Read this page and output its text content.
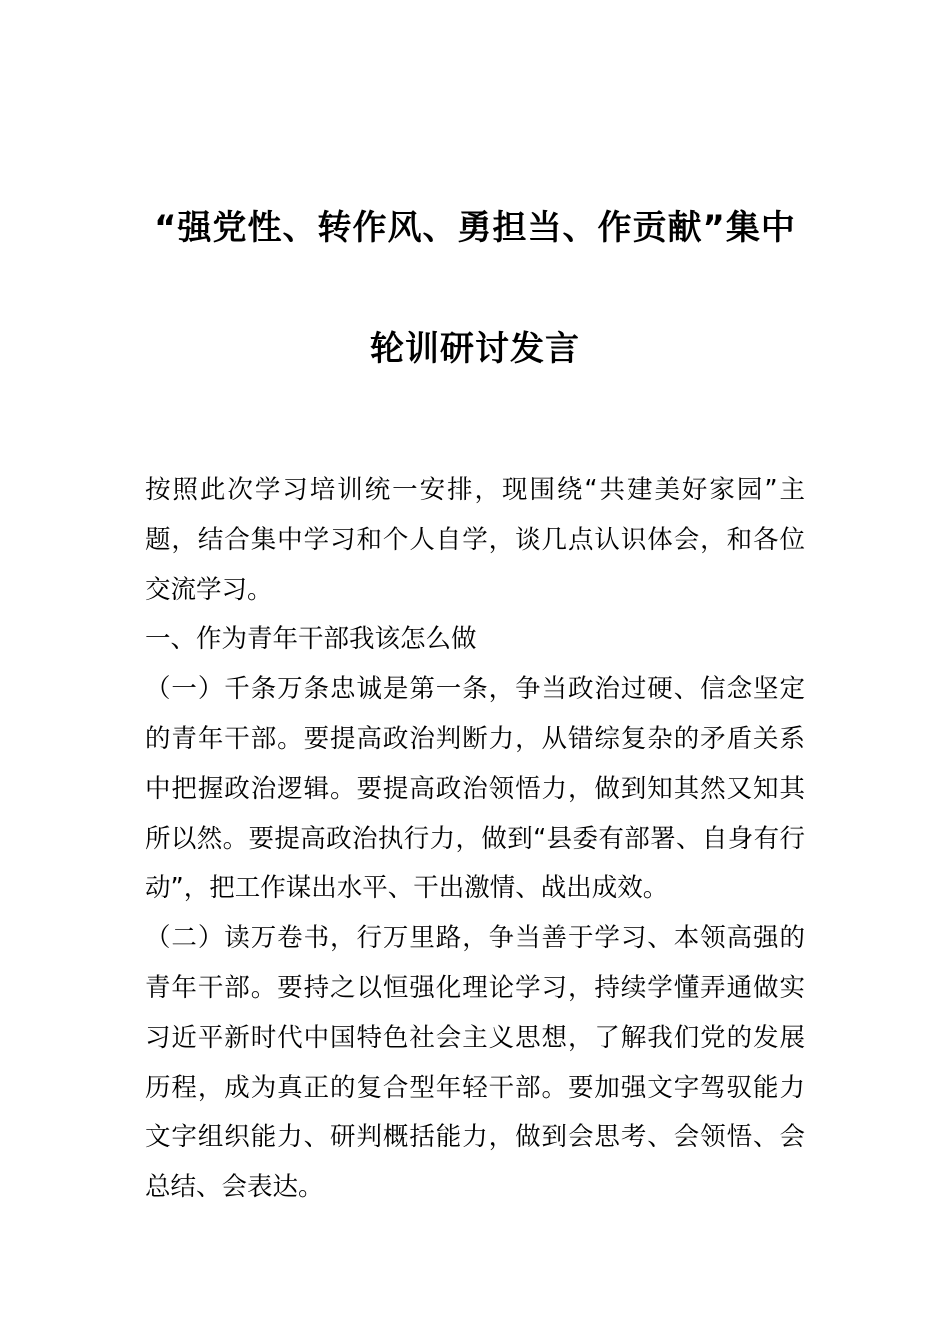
“强党性、转作风、勇担当、作贡献”集中
轮训研讨发言

按照此次学习培训统一安排，现围绕“共建美好家园”主题，结合集中学习和个人自学，谈几点认识体会，和各位交流学习。

一、作为青年干部我该怎么做

（一）千条万条忠诚是第一条，争当政治过硬、信念坚定的青年干部。要提高政治判断力，从错综复杂的矛盾关系中把握政治逻辑。要提高政治领悟力，做到知其然又知其所以然。要提高政治执行力，做到“县委有部署、自身有行动”，把工作谋出水平、干出激情、战出成效。

（二）读万卷书，行万里路，争当善于学习、本领高强的青年干部。要持之以恒强化理论学习，持续学懂弄通做实习近平新时代中国特色社会主义思想，了解我们党的发展历程，成为真正的复合型年轻干部。要加强文字驾驭能力文字组织能力、研判概括能力，做到会思考、会领悟、会总结、会表达。
